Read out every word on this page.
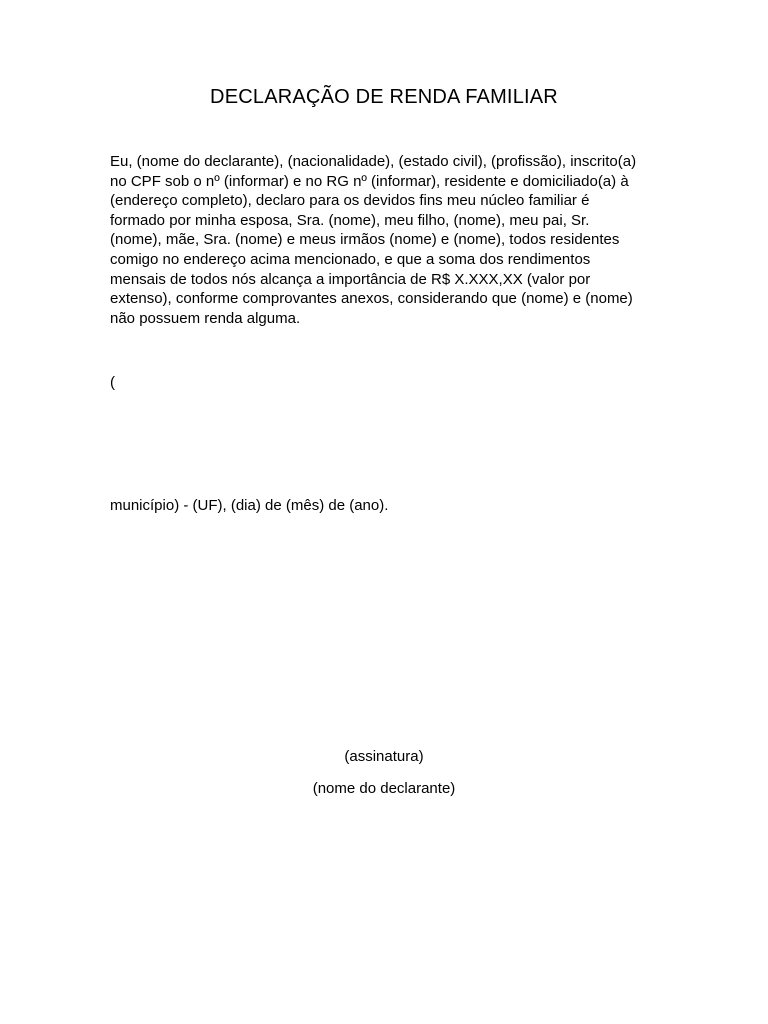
DECLARAÇÃO DE RENDA FAMILIAR
Eu, (nome do declarante), (nacionalidade), (estado civil), (profissão), inscrito(a)
no CPF sob o nº (informar) e no RG nº (informar), residente e domiciliado(a) à
(endereço completo), declaro para os devidos fins meu núcleo familiar é
formado por minha esposa, Sra. (nome), meu filho, (nome), meu pai, Sr.
(nome), mãe, Sra. (nome) e meus irmãos (nome) e (nome), todos residentes
comigo no endereço acima mencionado, e que a soma dos rendimentos
mensais de todos nós alcança a importância de R$ X.XXX,XX (valor por
extenso), conforme comprovantes anexos, considerando que (nome) e (nome)
não possuem renda alguma.
(
município) - (UF), (dia) de (mês) de (ano).
(assinatura)
(nome do declarante)
